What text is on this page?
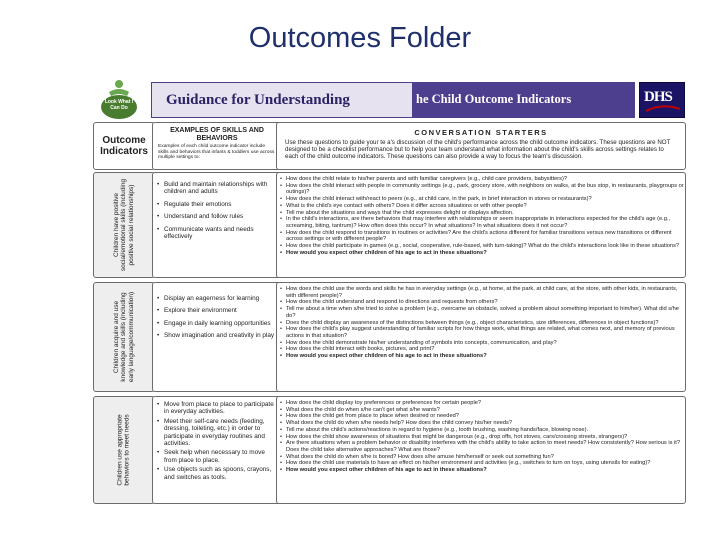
Outcomes Folder
Look What I Can Do	Guidance for Understanding	he Child Outcome Indicators	DHS
Outcome Indicators
EXAMPLES OF SKILLS AND BEHAVIORS
Examples of each child outcome indicator include skills and behaviors that infants & toddlers use across multiple settings to:
CONVERSATION STARTERS
Use these questions to guide your te a's discussion of the child's performance across the child outcome indicators. These questions are NOT designed to be a checklist performance but to help your team understand what information about the child's skills across settings relates to each of the child outcome indicators. These questions can also provide a way to focus the team's discussion.
Children have positive social/emotional skills (including positive social relationships)
• Build and maintain relationships with children and adults
• Regulate their emotions
• Understand and follow rules
• Communicate wants and needs effectively
• How does the child relate to his/her parents and with familiar caregivers (e.g., child care providers, babysitters)?
• How does the child interact with people in community settings (e.g., park, grocery store, with neighbors on walks, at the bus stop, in restaurants, playgroups or outings)?
• How does the child interact with/react to peers (e.g., at child care, in the park, in brief interaction in stores or restaurants)?
• What is the child's eye contact with others? Does it differ across situations or with other people?
• Tell me about the situations and ways that the child expresses delight or displays affection.
• In the child's interactions, are there behaviors that may interfere with relationships or seem inappropriate in interactions expected for the child's age (e.g., screaming, biting, tantrum)? How often does this occur? In what situations? In what situations does it not occur?
• How does the child respond to transitions in routines or activities? Are the child's actions different for familiar transitions versus new transitions or different across settings or with different people?
• How does the child participate in games (e.g., social, cooperative, rule-based, with turn-taking)? What do the child's interactions look like in these situations?
• How would you expect other children of his age to act in these situations?
Children acquire and use knowledge and skills (including early language/communication)
•	Display an eagerness for learning
• Explore their environment
• Engage in daily learning opportunities
• Show imagination and creativity in play
• How does the child use the words and skills he has in everyday settings (e.g., at home, at the park, at child care, at the store, with other kids, in restaurants, with different people)?
• How does the child understand and respond to directions and requests from others?
• Tell me about a time when s/he tried to solve a problem (e.g., overcame an obstacle, solved a problem about something important to him/her). What did s/he do?
• Does the child display an awareness of the distinctions between things (e.g., object characteristics, size differences, differences in object functions)?
• How does the child's play suggest understanding of familiar scripts for how things work, what things are related, what comes next, and memory of previous actions in that situation?
• How does the child demonstrate his/her understanding of symbols into concepts, communication, and play?
• How does the child interact with books, pictures, and print?
• How would you expect other children of his age to act in these situations?
Children use appropriate behaviors to meet needs
• Move from place to place to participate in everyday activities.
• Meet their self-care needs (feeding, dressing, toileting, etc.) in order to participate in everyday routines and activities.
• Seek help when necessary to move from place to place.
• Use objects such as spoons, crayons, and switches as tools.
• How does the child display toy preferences or preferences for certain people?
• What does the child do when s/he can't get what s/he wants?
• How does the child get from place to place when desired or needed?
• What does the child do when s/he needs help? How does the child convey his/her needs?
• Tell me about the child's actions/reactions in regard to hygiene (e.g., tooth brushing, washing hands/face, blowing nose).
• How does the child show awareness of situations that might be dangerous (e.g., drop offs, hot stoves, cars/crossing streets, strangers)?
• Are there situations when a problem behavior or disability interferes with the child's ability to take action to meet needs? How consistently? How serious is it? Does the child take alternative approaches? What are those?
• What does the child do when s/he is bored? How does s/he amuse him/herself or seek out something fun?
• How does the child use materials to have an effect on his/her environment and activities (e.g., switches to turn on toys, using utensils for eating)?
• How would you expect other children of his age to act in these situations?
